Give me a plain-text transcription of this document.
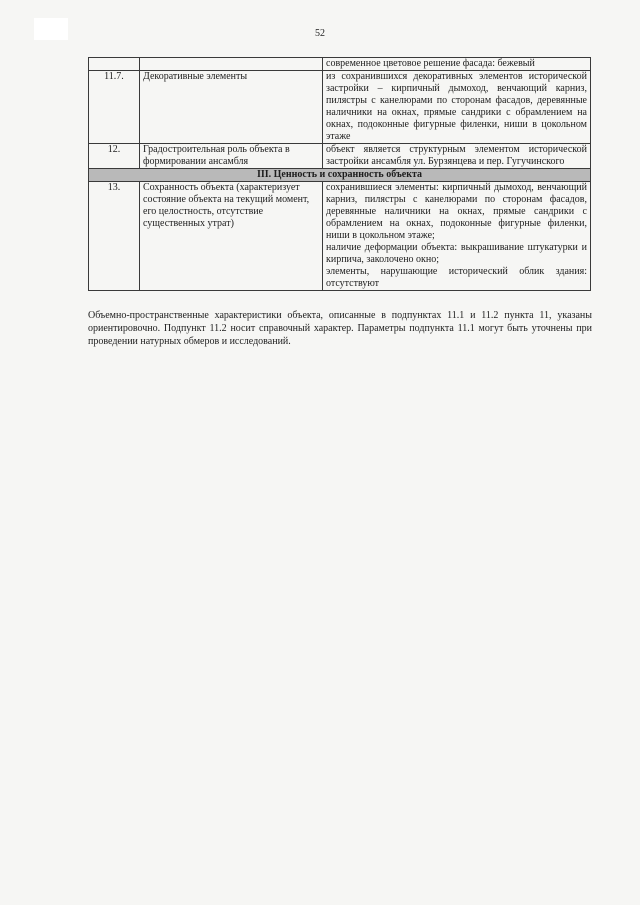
52

		современное цветовое решение фасада: бежевый

11.7.	Декоративные элементы	из сохранившихся декоративных элементов исторической застройки – кирпичный дымоход, венчающий карниз, пилястры с канелюрами по сторонам фасадов, деревянные наличники на окнах, прямые сандрики с обрамлением на окнах, подоконные фигурные филенки, ниши в цокольном этаже

12.	Градостроительная роль объекта в формировании ансамбля	объект является структурным элементом исторической застройки ансамбля ул. Бурзянцева и пер. Гугучинского

III. Ценность и сохранность объекта		
13.	Сохранность объекта (характеризует состояние объекта на текущий момент, его целостность, отсутствие существенных утрат)	сохранившиеся элементы: кирпичный дымоход, венчающий карниз, пилястры с канелюрами по сторонам фасадов, деревянные наличники на окнах, прямые сандрики с обрамлением на окнах, подоконные фигурные филенки, ниши в цокольном этаже;
наличие деформации объекта: выкрашивание штукатурки и кирпича, заколочено окно;
элементы, нарушающие исторический облик здания: отсутствуют

Объемно-пространственные характеристики объекта, описанные в подпунктах 11.1 и 11.2 пункта 11, указаны ориентировочно. Подпункт 11.2 носит справочный характер. Параметры подпункта 11.1 могут быть уточнены при проведении натурных обмеров и исследований.
